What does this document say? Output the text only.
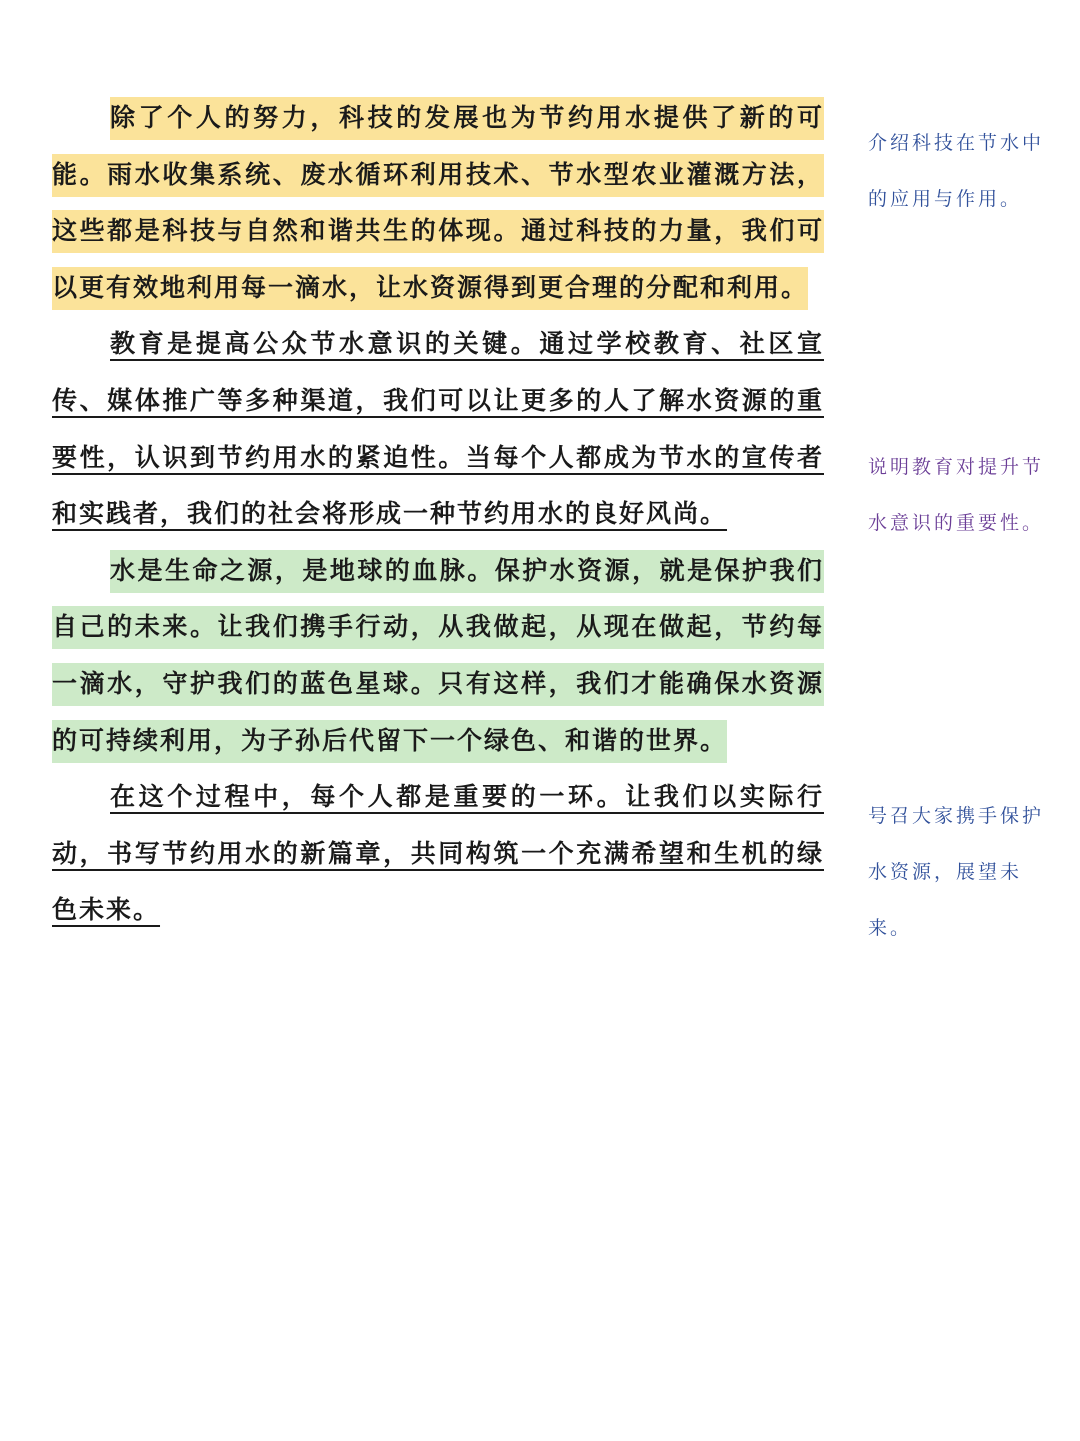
除了个人的努力，科技的发展也为节约用水提供了新的可能。雨水收集系统、废水循环利用技术、节水型农业灌溉方法，这些都是科技与自然和谐共生的体现。通过科技的力量，我们可以更有效地利用每一滴水，让水资源得到更合理的分配和利用。

教育是提高公众节水意识的关键。通过学校教育、社区宣传、媒体推广等多种渠道，我们可以让更多的人了解水资源的重要性，认识到节约用水的紧迫性。当每个人都成为节水的宣传者和实践者，我们的社会将形成一种节约用水的良好风尚。

水是生命之源，是地球的血脉。保护水资源，就是保护我们自己的未来。让我们携手行动，从我做起，从现在做起，节约每一滴水，守护我们的蓝色星球。只有这样，我们才能确保水资源的可持续利用，为子孙后代留下一个绿色、和谐的世界。

在这个过程中，每个人都是重要的一环。让我们以实际行动，书写节约用水的新篇章，共同构筑一个充满希望和生机的绿色未来。

介绍科技在节水中的应用与作用。

说明教育对提升节水意识的重要性。

号召大家携手保护水资源，展望未来。
